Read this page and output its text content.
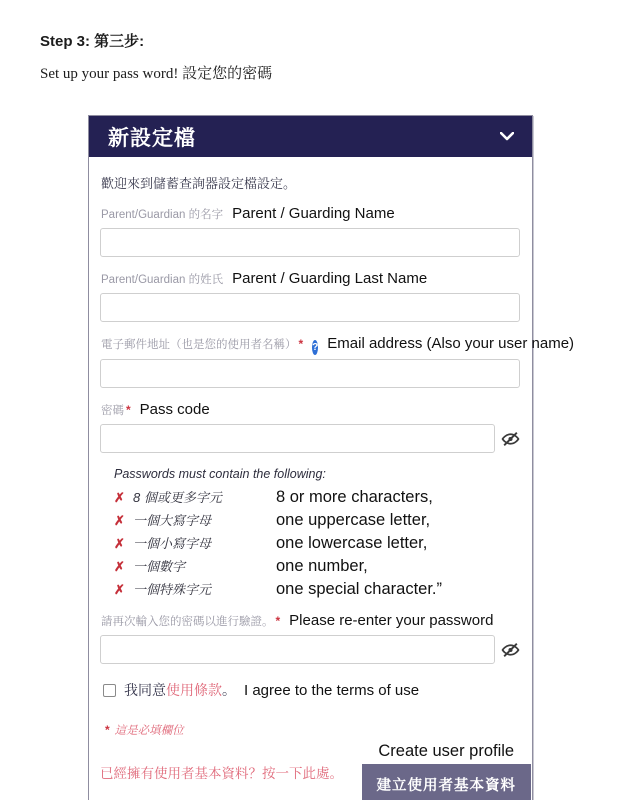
Step 3: 第三步:
Set up your pass word! 設定您的密碼
新設定檔
歡迎來到儲蓄查詢器設定檔設定。
Parent/Guardian 的名字 Parent / Guarding Name
Parent/Guardian 的姓氏 Parent / Guarding Last Name
電子郵件地址（也是您的使用者名稱） * ? Email address (Also your user name)
密碼 * Pass code
Passwords must contain the following:
✗ 8 個或更多字元	8 or more characters,
✗ 一個大寫字母	one uppercase letter,
✗ 一個小寫字母	one lowercase letter,
✗ 一個數字	one number,
✗ 一個特殊字元	one special character.”
請再次輸入您的密碼以進行驗證。 * Please re-enter your password
我同意使用條款。 I agree to the terms of use
* 這是必填欄位
已經擁有使用者基本資料？按一下此處。
Create user profile
建立使用者基本資料
